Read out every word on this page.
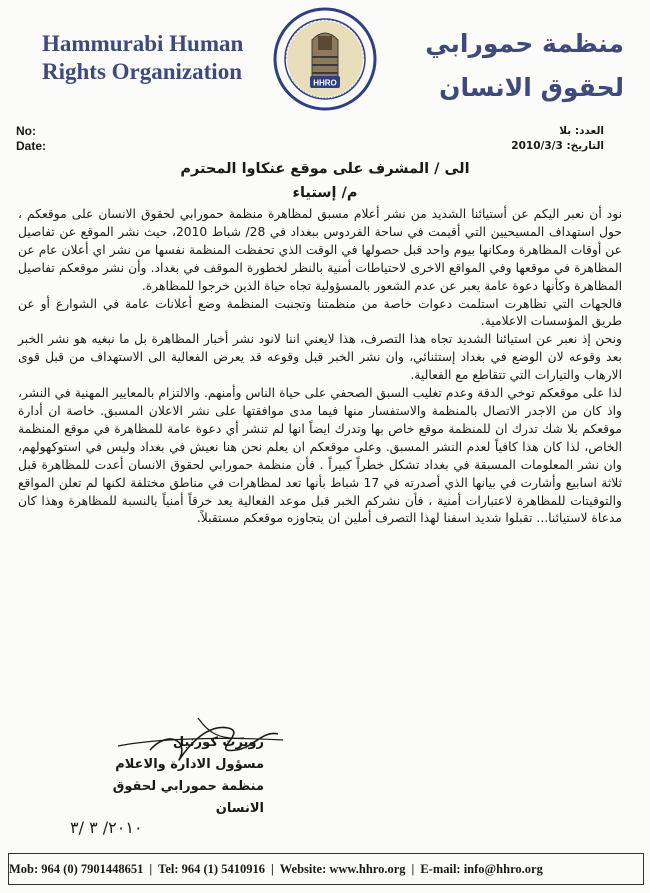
Hammurabi Human Rights Organization	HHRO
منظمة حمورابي لحقوق الانسان
No:
Date:
العدد: بلا
التاريخ: 2010/3/3
الى / المشرف على موقع عنكاوا المحترم
م/ إستياء

نود أن نعبر اليكم عن أستيائنا الشديد من نشر أعلام مسبق لمظاهرة منظمة حمورابي لحقوق الانسان على موقعكم ، حول استهداف المسيحيين التي أقيمت في ساحة الفردوس ببغداد في 28/ شباط 2010، حيث نشر الموقع عن تفاصيل عن أوقات المظاهرة ومكانها بيوم واحد قبل حصولها في الوقت الذي تحفظت المنظمة نفسها من نشر اي أعلان عام عن المظاهرة في موقعها وفي المواقع الاخرى لاحتياطات أمنية بالنظر لخطورة الموقف في بغداد. وأن نشر موقعكم تفاصيل المظاهرة وكأنها دعوة عامة يعبر عن عدم الشعور بالمسؤولية تجاه حياة الذين خرجوا للمظاهرة.

فالجهات التي تظاهرت استلمت دعوات خاصة من منظمتنا وتجنبت المنظمة وضع أعلانات عامة في الشوارع أو عن طريق المؤسسات الاعلامية.

ونحن إذ نعبر عن استيائنا الشديد تجاه هذا التصرف، هذا لايعني اننا لانود نشر أخبار المظاهرة بل ما نبغيه هو نشر الخبر بعد وقوعه لان الوضع في بغداد إستثنائي، وان نشر الخبر قبل وقوعه قد يعرض الفعالية الى الاستهداف من قبل قوى الارهاب والتيارات التي تتقاطع مع الفعالية.

لذا على موقعكم توخي الدقة وعدم تغليب السبق الصحفي على حياة الناس وأمنهم. والالتزام بالمعايير المهنية في النشر، واذ كان من الاجدر الاتصال بالمنظمة والاستفسار منها فيما مدى موافقتها على نشر الاعلان المسبق. خاصة ان أدارة موقعكم بلا شك تدرك ان للمنظمة موقع خاص بها وتدرك ايضاً انها لم تنشر أي دعوة عامة للمظاهرة في موقع المنظمة الخاص، لذا كان هذا كافياً لعدم النشر المسبق. وعلى موقعكم ان يعلم نحن هنا نعيش في بغداد وليس في استوكهولهم، وان نشر المعلومات المسبقة في بغداد تشكل خطراً كبيراً . فأن منظمة حمورابي لحقوق الانسان أعدت للمظاهرة قبل ثلاثة اسابيع وأشارت في بيانها الذي أصدرته في 17 شباط بأنها تعد لمظاهرات في مناطق مختلفة لكنها لم تعلن المواقع والتوقيتات للمظاهرة لاعتبارات أمنية ، فأن نشركم الخبر قبل موعد الفعالية يعد خرقاً أمنياً بالنسبة للمظاهرة وهذا كان مدعاة لاستيائنا... تقبلوا شديد اسفنا لهذا التصرف أملين ان يتجاوزه موقعكم مستقبلاً.

روبرت كورنيل
مسؤول الادارة والاعلام
منظمة حمورابي لحقوق الانسان
٢٠١٠/ ٣ /٣
Mob: 964 (0) 7901448651 | Tel: 964 (1) 5410916 | Website: www.hhro.org | E-mail: info@hhro.org
